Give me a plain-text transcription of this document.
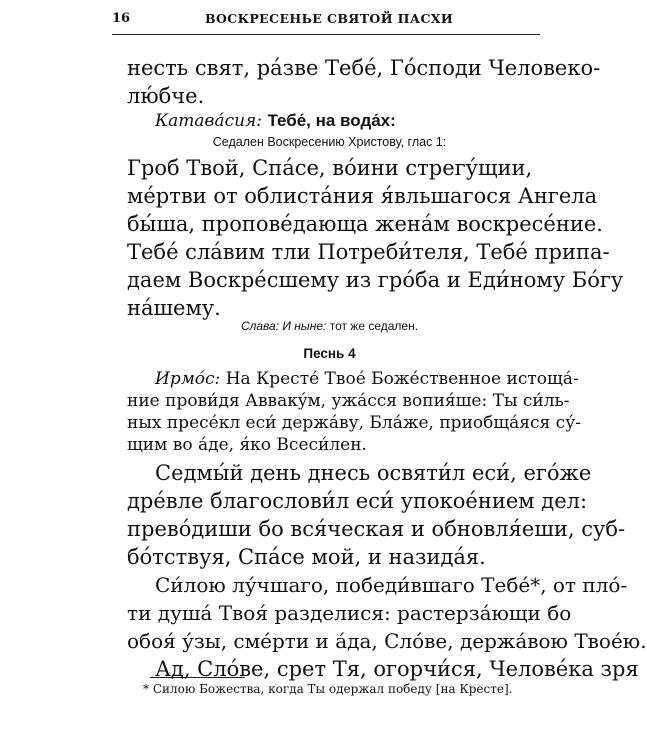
16	ВОСКРЕСЕНЬЕ СВЯТОЙ ПАСХИ
несть свят, ра́зве Тебе́, Го́споди Человеко-
лю́бче.
Катава́сия: Тебе́, на вода́х:
Седален Воскресению Христову, глас 1:
Гроб Твой, Спа́се, во́ини стрегу́щии,
ме́ртви от облиста́ния я́вльшагося Ангела
бы́ша, пропове́дающа жена́м воскресе́ние.
Тебе́ сла́вим тли Потреби́теля, Тебе́ припа-
даем Воскре́сшему из гро́ба и Еди́ному Бо́гу
на́шему.
Слава: И ныне: тот же седален.
Песнь 4
Ирмо́с: На Кресте́ Твое́ Боже́ственное истоща́-
ние прови́дя Аввакýм, ужа́сся вопия́ше: Ты си́ль-
ных пресе́кл еси́ держа́ву, Бла́же, приобща́яся су́-
щим во а́де, я́ко Всеси́лен.
Седмы́й день днесь освяти́л еси́, его́же
дре́вле благослови́л еси́ упокое́нием дел:
прево́диши бо вся́ческая и обновля́еши, суб-
бо́тствуя, Спа́се мой, и назида́я.
Си́лою лу́чшаго, победи́вшаго Тебе́*, от пло́-
ти душа́ Твоя́ разделися: растерза́ющи бо
обоя́ у́зы, сме́рти и а́да, Сло́ве, держа́вою Твое́ю.
Ад, Сло́ве, срет Тя, огорчи́ся, Челове́ка зря
* Силою Божества, когда Ты одержал победу [на Кресте].
